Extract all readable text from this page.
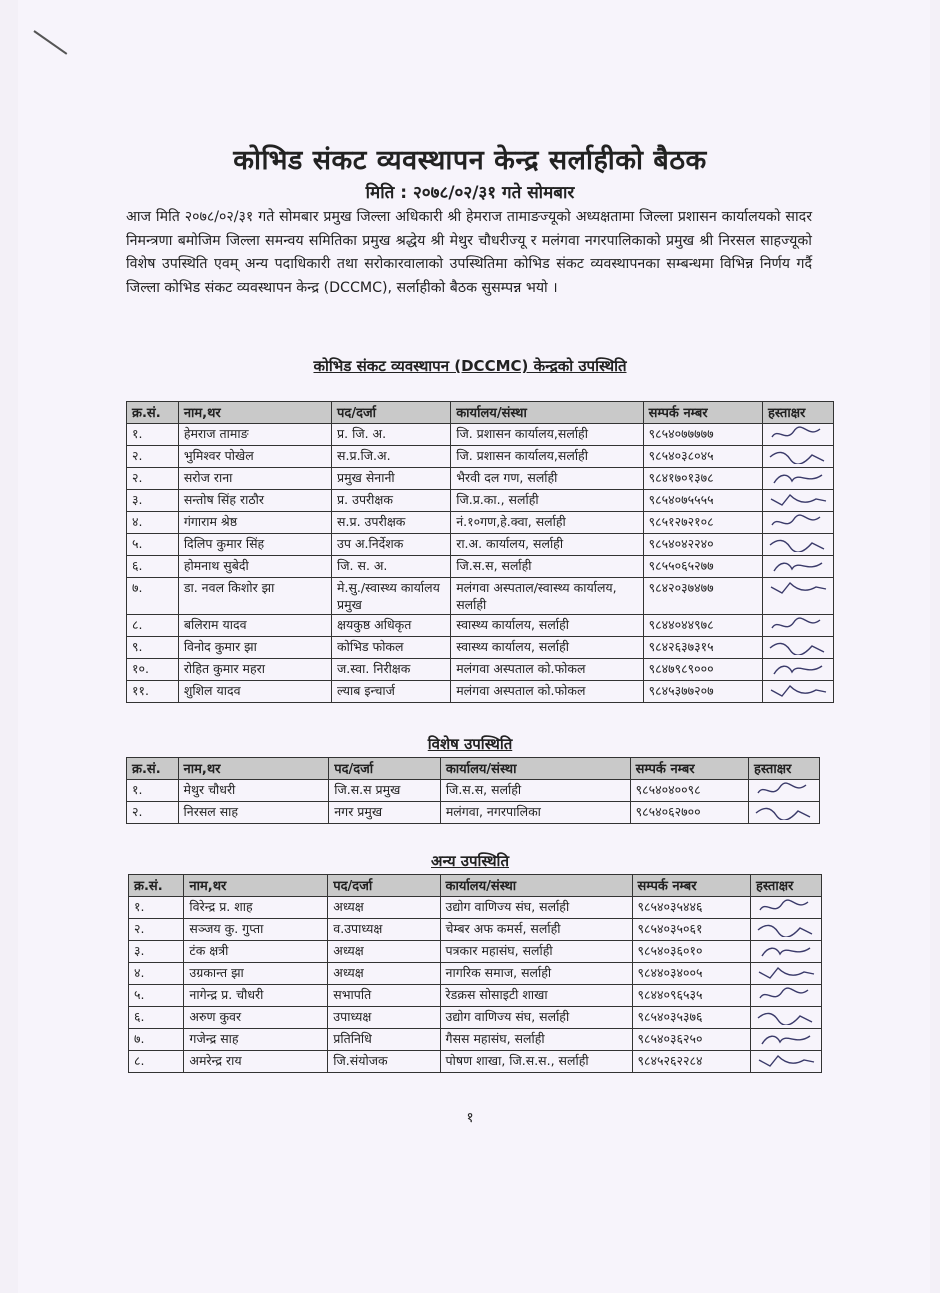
कोभिड संकट व्यवस्थापन केन्द्र सर्लाहीको बैठक
मिति : २०७८/०२/३१ गते सोमबार
आज मिति २०७८/०२/३१ गते सोमबार प्रमुख जिल्ला अधिकारी श्री हेमराज तामाङज्यूको अध्यक्षतामा जिल्ला प्रशासन कार्यालयको सादर निमन्त्रणा बमोजिम जिल्ला समन्वय समितिका प्रमुख श्रद्धेय श्री मेथुर चौधरीज्यू र मलंगवा नगरपालिकाको प्रमुख श्री निरसल साहज्यूको विशेष उपस्थिति एवम् अन्य पदाधिकारी तथा सरोकारवालाको उपस्थितिमा कोभिड संकट व्यवस्थापनका सम्बन्धमा विभिन्न निर्णय गर्दै जिल्ला कोभिड संकट व्यवस्थापन केन्द्र (DCCMC), सर्लाहीको बैठक सुसम्पन्न भयो ।
कोभिड संकट व्यवस्थापन (DCCMC) केन्द्रको उपस्थिति
क्र.सं.	नाम,थर	पद/दर्जा	कार्यालय/संस्था	सम्पर्क नम्बर	हस्ताक्षर
१.	हेमराज तामाङ	प्र. जि. अ.	जि. प्रशासन कार्यालय,सर्लाही	९८५४०७७७७७	

२.	भुमिश्वर पोखेल	स.प्र.जि.अ.	जि. प्रशासन कार्यालय,सर्लाही	९८५४०३८०४५	

२.	सरोज राना	प्रमुख सेनानी	भैरवी दल गण, सर्लाही	९८४१७०१३७८	

३.	सन्तोष सिंह राठौर	प्र. उपरीक्षक	जि.प्र.का., सर्लाही	९८५४०७५५५५	

४.	गंगाराम श्रेष्ठ	स.प्र. उपरीक्षक	नं.१०गण,हे.क्वा, सर्लाही	९८५१२७२१०८	

५.	दिलिप कुमार सिंह	उप अ.निर्देशक	रा.अ. कार्यालय, सर्लाही	९८५४०४२२४०	

६.	होमनाथ सुबेदी	जि. स. अ.	जि.स.स, सर्लाही	९८५५०६५२७७	

७.	डा. नवल किशोर झा	मे.सु./स्वास्थ्य कार्यालय प्रमुख	मलंगवा अस्पताल/स्वास्थ्य कार्यालय, सर्लाही	९८४२०३७४७७	

८.	बलिराम यादव	क्षयकुष्ठ अधिकृत	स्वास्थ्य कार्यालय, सर्लाही	९८४४०४४९७८	

९.	विनोद कुमार झा	कोभिड फोकल	स्वास्थ्य कार्यालय, सर्लाही	९८४२६३७३१५	

१०.	रोहित कुमार महरा	ज.स्वा. निरीक्षक	मलंगवा अस्पताल को.फोकल	९८४७९८९०००	

११.	शुशिल यादव	ल्याब इन्चार्ज	मलंगवा अस्पताल को.फोकल	९८४५३७७२०७	
विशेष उपस्थिति
क्र.सं.	नाम,थर	पद/दर्जा	कार्यालय/संस्था	सम्पर्क नम्बर	हस्ताक्षर
१.	मेथुर चौधरी	जि.स.स प्रमुख	जि.स.स, सर्लाही	९८५४०४००९८	

२.	निरसल साह	नगर प्रमुख	मलंगवा, नगरपालिका	९८५४०६२७००	
अन्य उपस्थिति
क्र.सं.	नाम,थर	पद/दर्जा	कार्यालय/संस्था	सम्पर्क नम्बर	हस्ताक्षर
१.	विरेन्द्र प्र. शाह	अध्यक्ष	उद्योग वाणिज्य संघ, सर्लाही	९८५४०३५४४६	

२.	सञ्जय कु. गुप्ता	व.उपाध्यक्ष	चेम्बर अफ कमर्स, सर्लाही	९८५४०३५०६१	

३.	टंक क्षत्री	अध्यक्ष	पत्रकार महासंघ, सर्लाही	९८५४०३६०१०	

४.	उग्रकान्त झा	अध्यक्ष	नागरिक समाज, सर्लाही	९८४४०३४००५	

५.	नागेन्द्र प्र. चौधरी	सभापति	रेडक्रस सोसाइटी शाखा	९८४४०९६५३५	

६.	अरुण कुवर	उपाध्यक्ष	उद्योग वाणिज्य संघ, सर्लाही	९८५४०३५३७६	

७.	गजेन्द्र साह	प्रतिनिधि	गैसस महासंघ, सर्लाही	९८५४०३६२५०	

८.	अमरेन्द्र राय	जि.संयोजक	पोषण शाखा, जि.स.स., सर्लाही	९८४५२६२२८४	
१
